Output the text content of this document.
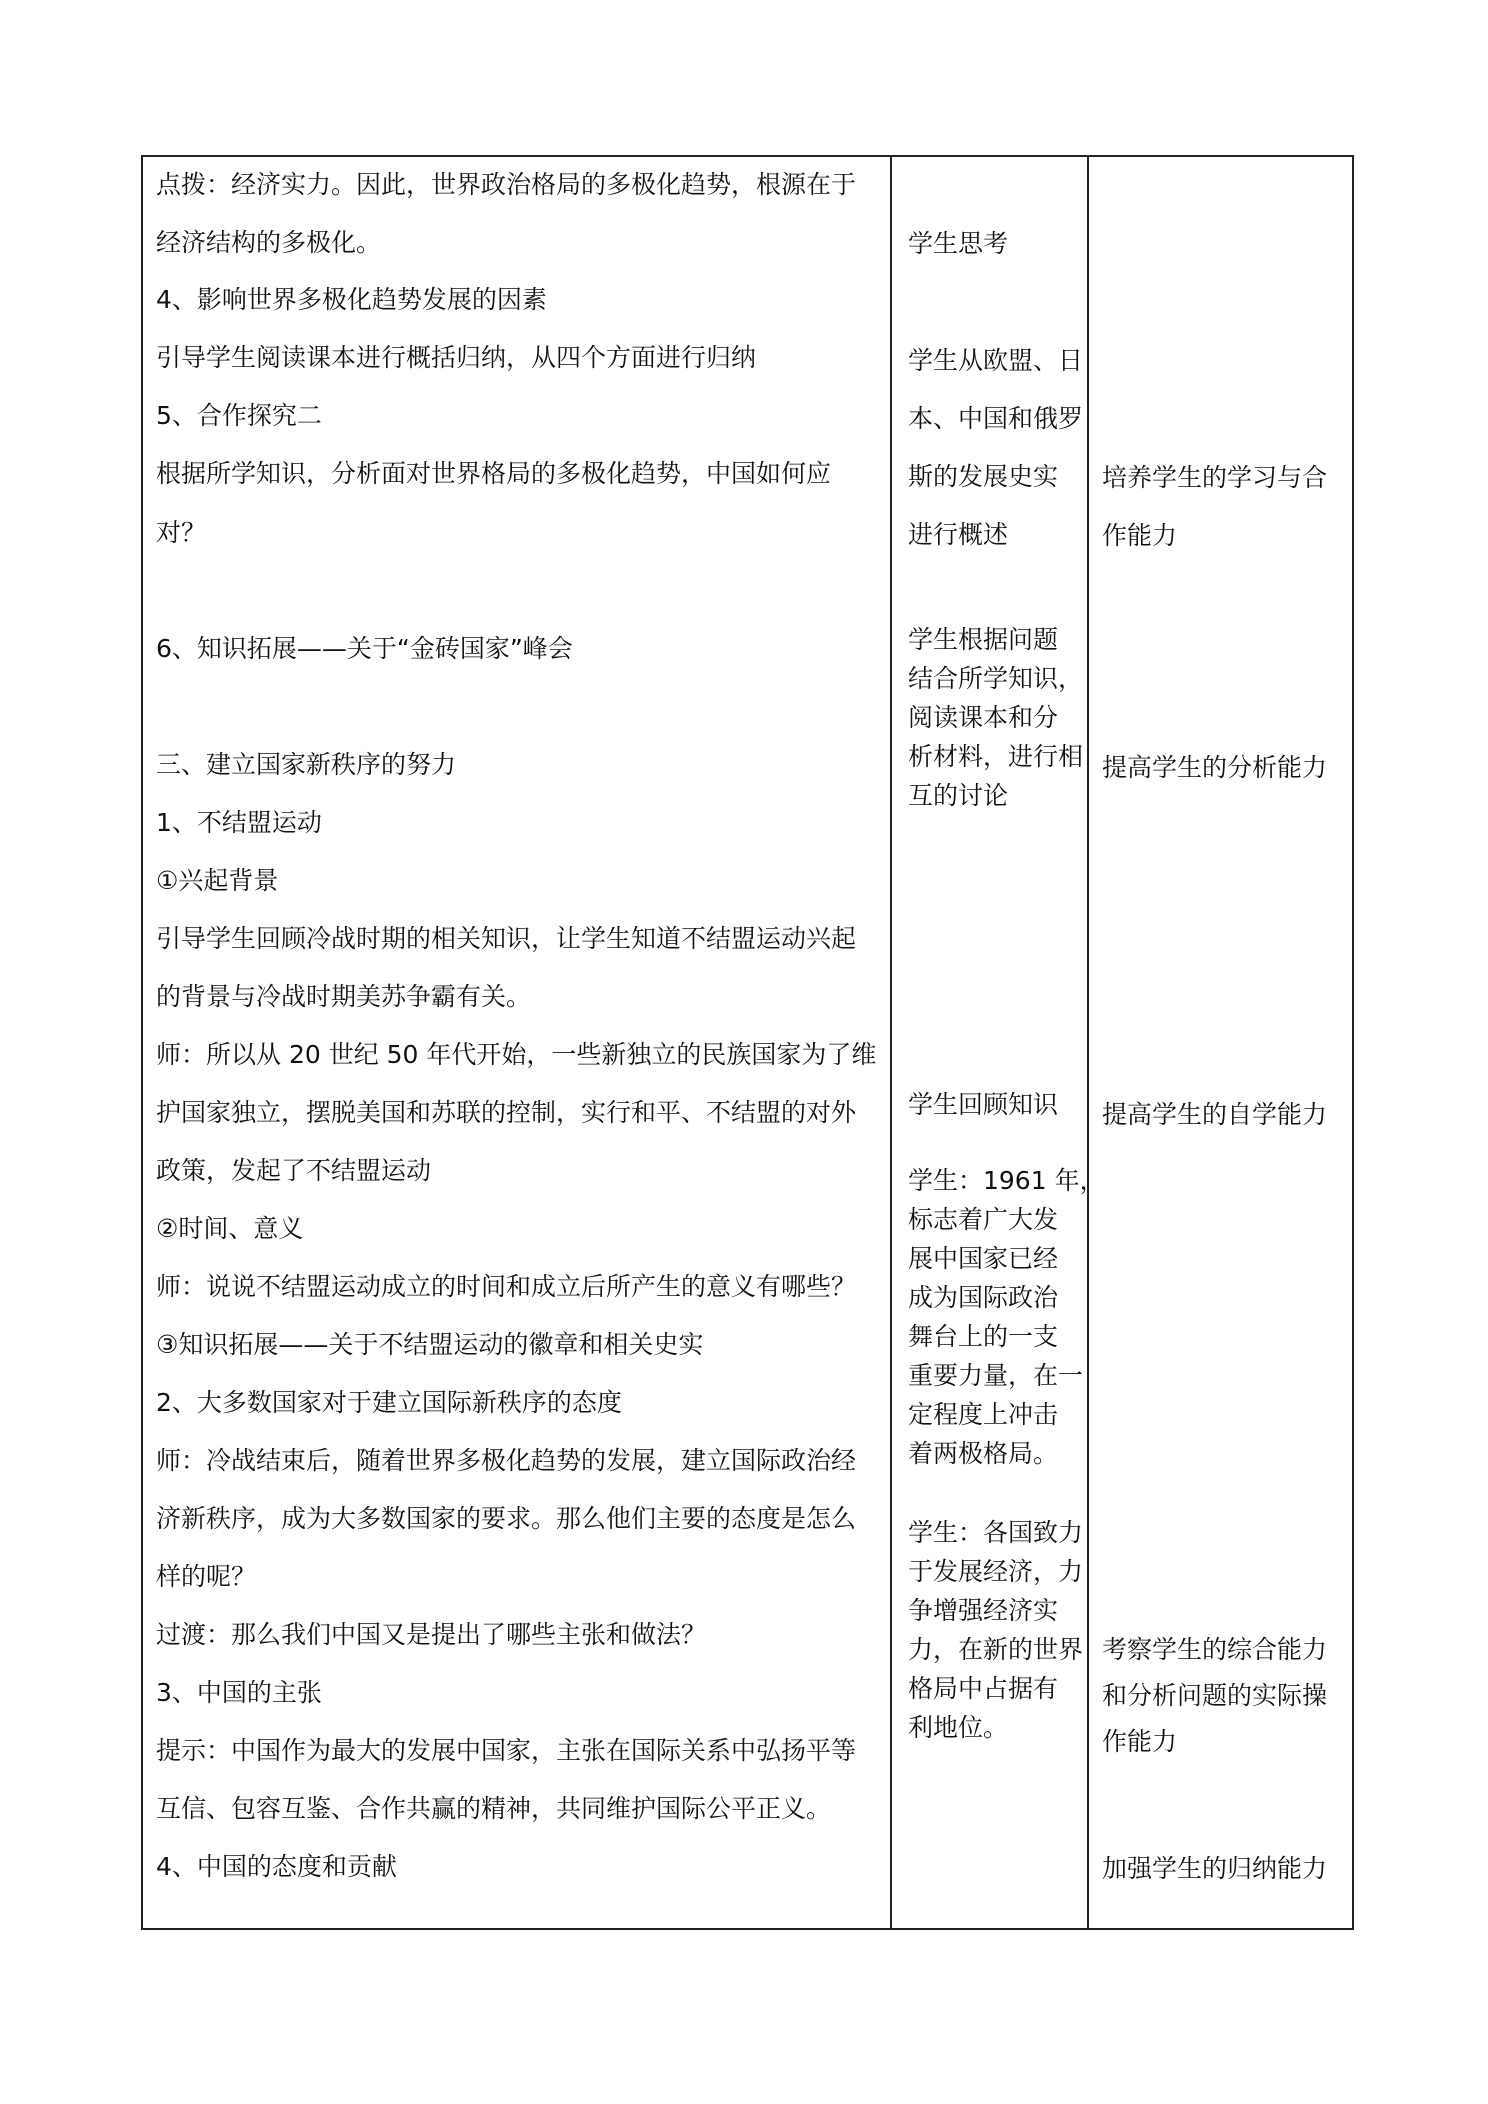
点拨：经济实力。因此，世界政治格局的多极化趋势，根源在于
经济结构的多极化。
4、影响世界多极化趋势发展的因素
引导学生阅读课本进行概括归纳，从四个方面进行归纳
5、合作探究二
根据所学知识，分析面对世界格局的多极化趋势，中国如何应
对？
6、知识拓展——关于“金砖国家”峰会
三、建立国家新秩序的努力
1、不结盟运动
①兴起背景
引导学生回顾冷战时期的相关知识，让学生知道不结盟运动兴起
的背景与冷战时期美苏争霸有关。
师：所以从 20 世纪 50 年代开始，一些新独立的民族国家为了维
护国家独立，摆脱美国和苏联的控制，实行和平、不结盟的对外
政策，发起了不结盟运动
②时间、意义
师：说说不结盟运动成立的时间和成立后所产生的意义有哪些？
③知识拓展——关于不结盟运动的徽章和相关史实
2、大多数国家对于建立国际新秩序的态度
师：冷战结束后，随着世界多极化趋势的发展，建立国际政治经
济新秩序，成为大多数国家的要求。那么他们主要的态度是怎么
样的呢？
过渡：那么我们中国又是提出了哪些主张和做法？
3、中国的主张
提示：中国作为最大的发展中国家，主张在国际关系中弘扬平等
互信、包容互鉴、合作共赢的精神，共同维护国际公平正义。
4、中国的态度和贡献
学生思考
学生从欧盟、日
本、中国和俄罗
斯的发展史实
进行概述
学生根据问题
结合所学知识，
阅读课本和分
析材料，进行相
互的讨论
学生回顾知识
学生：1961 年，
标志着广大发
展中国家已经
成为国际政治
舞台上的一支
重要力量，在一
定程度上冲击
着两极格局。
学生：各国致力
于发展经济，力
争增强经济实
力，在新的世界
格局中占据有
利地位。
培养学生的学习与合
作能力
提高学生的分析能力
提高学生的自学能力
考察学生的综合能力
和分析问题的实际操
作能力
加强学生的归纳能力
